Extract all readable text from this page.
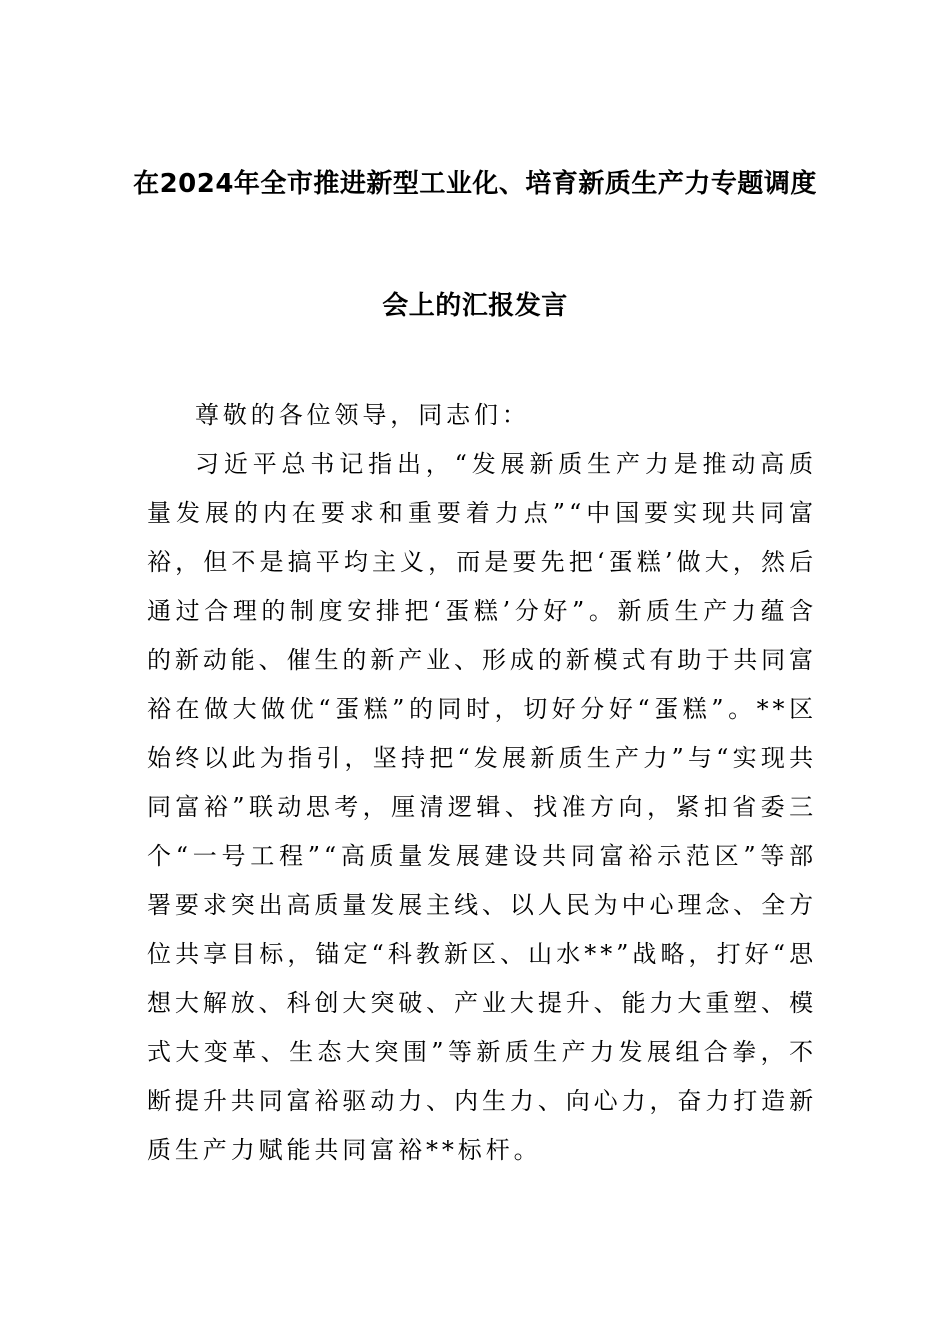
在2024年全市推进新型工业化、培育新质生产力专题调度
会上的汇报发言

尊敬的各位领导，同志们：

习近平总书记指出，“发展新质生产力是推动高质量发展的内在要求和重要着力点”“中国要实现共同富裕，但不是搞平均主义，而是要先把‘蛋糕’做大，然后通过合理的制度安排把‘蛋糕’分好”。新质生产力蕴含的新动能、催生的新产业、形成的新模式有助于共同富裕在做大做优“蛋糕”的同时，切好分好“蛋糕”。**区始终以此为指引，坚持把“发展新质生产力”与“实现共同富裕”联动思考，厘清逻辑、找准方向，紧扣省委三个“一号工程”“高质量发展建设共同富裕示范区”等部署要求突出高质量发展主线、以人民为中心理念、全方位共享目标，锚定“科教新区、山水**”战略，打好“思想大解放、科创大突破、产业大提升、能力大重塑、模式大变革、生态大突围”等新质生产力发展组合拳，不断提升共同富裕驱动力、内生力、向心力，奋力打造新质生产力赋能共同富裕**标杆。
